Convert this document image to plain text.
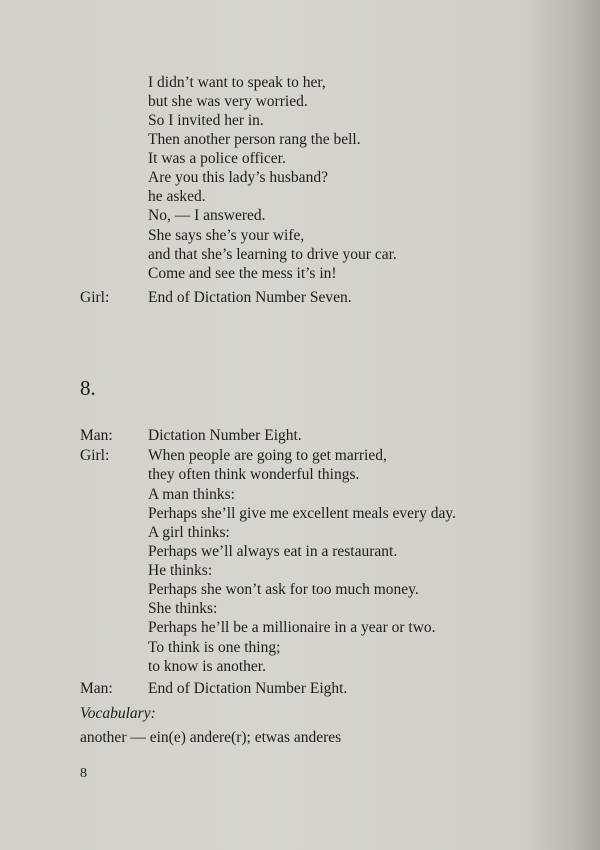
I didn’t want to speak to her,
but she was very worried.
So I invited her in.
Then another person rang the bell.
It was a police officer.
Are you this lady’s husband?
he asked.
No, — I answered.
She says she’s your wife,
and that she’s learning to drive your car.
Come and see the mess it’s in!
Girl: End of Dictation Number Seven.
8.
Man: Dictation Number Eight.
Girl: When people are going to get married,
they often think wonderful things.
A man thinks:
Perhaps she’ll give me excellent meals every day.
A girl thinks:
Perhaps we’ll always eat in a restaurant.
He thinks:
Perhaps she won’t ask for too much money.
She thinks:
Perhaps he’ll be a millionaire in a year or two.
To think is one thing;
to know is another.
Man: End of Dictation Number Eight.
Vocabulary:
another — ein(e) andere(r); etwas anderes
8
